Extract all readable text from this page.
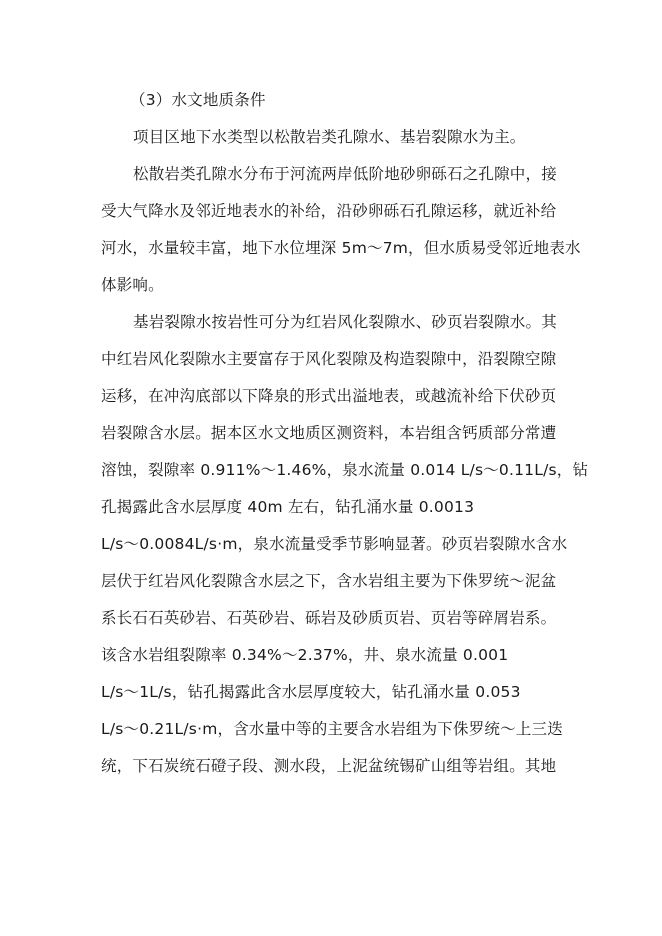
（3）水文地质条件
项目区地下水类型以松散岩类孔隙水、基岩裂隙水为主。
松散岩类孔隙水分布于河流两岸低阶地砂卵砾石之孔隙中，接
受大气降水及邻近地表水的补给，沿砂卵砾石孔隙运移，就近补给
河水，水量较丰富，地下水位埋深 5m～7m，但水质易受邻近地表水
体影响。
基岩裂隙水按岩性可分为红岩风化裂隙水、砂页岩裂隙水。其
中红岩风化裂隙水主要富存于风化裂隙及构造裂隙中，沿裂隙空隙
运移，在冲沟底部以下降泉的形式出溢地表，或越流补给下伏砂页
岩裂隙含水层。据本区水文地质区测资料，本岩组含钙质部分常遭
溶蚀，裂隙率 0.911%～1.46%，泉水流量 0.014 L/s～0.11L/s，钻
孔揭露此含水层厚度 40m 左右，钻孔涌水量 0.0013
L/s～0.0084L/s·m，泉水流量受季节影响显著。砂页岩裂隙水含水
层伏于红岩风化裂隙含水层之下，含水岩组主要为下侏罗统～泥盆
系长石石英砂岩、石英砂岩、砾岩及砂质页岩、页岩等碎屑岩系。
该含水岩组裂隙率 0.34%～2.37%，井、泉水流量 0.001
L/s～1L/s，钻孔揭露此含水层厚度较大，钻孔涌水量 0.053
L/s～0.21L/s·m，含水量中等的主要含水岩组为下侏罗统～上三迭
统，下石炭统石磴子段、测水段，上泥盆统锡矿山组等岩组。其地
